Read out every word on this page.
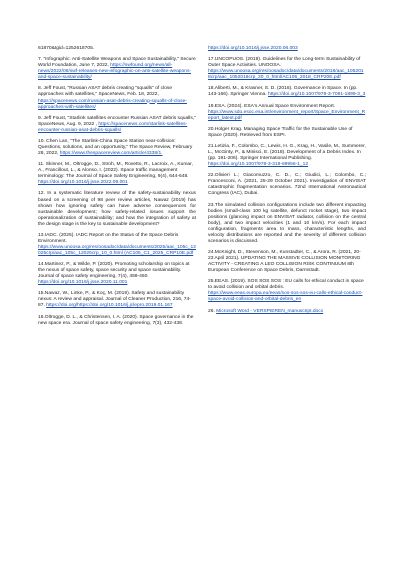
61870&tgid=1252618705.
7. "Infographic: Anti-Satellite Weapons and Space Sustainability," Secure World Foundation, June 7, 2022, https://swfound.org/news/all-news/2022/06/swf-releases-new-infographic-on-anti-satellite-weapons-and-space-sustainability/
8. Jeff Foust, "Russian ASAT debris creating "squalls" of close approaches with satellites," SpaceNews, Feb. 18, 2022, https://spacenews.com/russian-asat-debris-creating-squalls-of-close-approaches-with-satellites/
9. Jeff Foust, "Starlink satellites encounter Russian ASAT debris squalls," SpaceNews, Aug. 9, 2022 , https://spacenews.com/starlink-satellites-encounter-russian-asat-debris-squalls/
10. Chen Lan, "The Starlink-China Space Station near-collision: Questions, solutions, and an opportunity," The Space Review, February 28, 2022, https://www.thespacereview.com/article/4338/1.
11. Skinner, M., Oltrogge, D., Stroh, M., Rovetto, R., Lacroix, A., Kumar, A., Francillout, L., & Alonso, I. (2022). Space traffic management terminology: The Journal of Space Safety Engineering, 9(4), 644-648. https://doi.org/10.1016/j.jsse.2022.09.001
12. In a systematic literature review of the safety-sustainability nexus based on a screening of 98 peer review articles, Nawaz (2019) has shown how ignoring safety can have adverse consequences for sustainable development; how safety-related issues support the operationalization of sustainability; and how the integration of safety at the design stage is the key to sustainable development?
13.IADC. (2025). IADC Report on the Status of the Space Debris Environment. https://www.unoosa.org/res/oosadoc/data/documents/2025/aac_105c_12025crp/aac_105c_12025crp_10_0.html (AC105_C1_2025_CRP10E.pdf
14.Martinez, P., & Wilde, P. (2020). Promoting scholarship on topics at the nexus of space safety, space security and space sustainability. Journal of space safety engineering, 7(4), 459-460. https://doi.org/10.1016/j.jsse.2020.11.001
15.Nawaz, W., Linke, P., & Koç, M. (2019). Safety and sustainability nexus: A review and appraisal. Journal of Cleaner Production, 216, 74-87. https://doi.org/https://doi.org/10.1016/j.jclepro.2019.01.167
16.Oltrogge, D. L., & Christensen, I. A. (2020). Space governance in the new space era. Journal of space safety engineering, 7(3), 432-438.
https://doi.org/10.1016/j.jsse.2020.06.003
17.UNCOPUOS. (2019). Guidelines for the Long-term Sustainability of Outer Space Activities. UNOOSA. https://www.unoosa.org/res/oosadoc/data/documents/2018/aac_1052018crp/aac_1052018crp_20_0_html/AC105_2018_CRP20E.pdf
18.Aliberti, M., & Krasner, S. D. (2016). Governance in Space. In (pp. 143-166). Springer Vienna. https://doi.org/10.1007/978-3-7091-1899-3_3
19.ESA. (2024). ESA's Annual Space Environment Report. https://www.sdo.esoc.esa.int/environment_report/Space_Environment_Report_latest.pdf
20.Holger Krag. Managing Space Traffic for the Sustainable Use of Space (2020). Retrieved from ESPI.
21.Letizia, F., Colombo, C., Lewis, H. G., Krag, H., Vasile, M., Summerer, L., McGinty, P., & Minisci, E. (2018). Development of a Debris Index. In (pp. 191-206). Springer International Publishing. https://doi.org/10.1007/978-3-319-69956-1_12
22.Olivieri L.; Giacomuzzo, C. D., C.; Giudici, L.; Colombo, C.; Francesconi, A. (2021, 25-29 October 2021). Investigation of ENVISAT catastrophic fragmentation scenarios. 72nd International Astronautical Congress (IAC), Dubai.
23.The simulated collision configurations include two different impacting bodies (small-class 100 kg satellite, defunct rocket stage), two impact positions (glancing impact on ENVISAT radiator, collision on the central body), and two impact velocities (1 and 10 km/s). For each impact configuration, fragments area to mass, characteristic lengths, and velocity distributions are reported and the severity of different collision scenarios is discussed.
24.McKnight, D., Stevenson, M., Kunstadter, C., & Arora, R. (2021, 20-23 April 2021). UPDATING THE MASSIVE COLLISION MONITORING ACTIVITY - CREATING A LEO COLLISION RISK CONTINUUM 8th European Conference on Space Debris, Darmstadt.
25.EEAS. (2019). SOS SOS SOS : EU calls for ethical conduct in space to avoid collision and orbital debris. https://www.eeas.europa.eu/eeas/sos-sos-sos-eu-calls-ethical-conduct-space-avoid-collision-and-orbital-debris_en
26. Microsoft Word - VERSPIEREN_manuscript.docx
